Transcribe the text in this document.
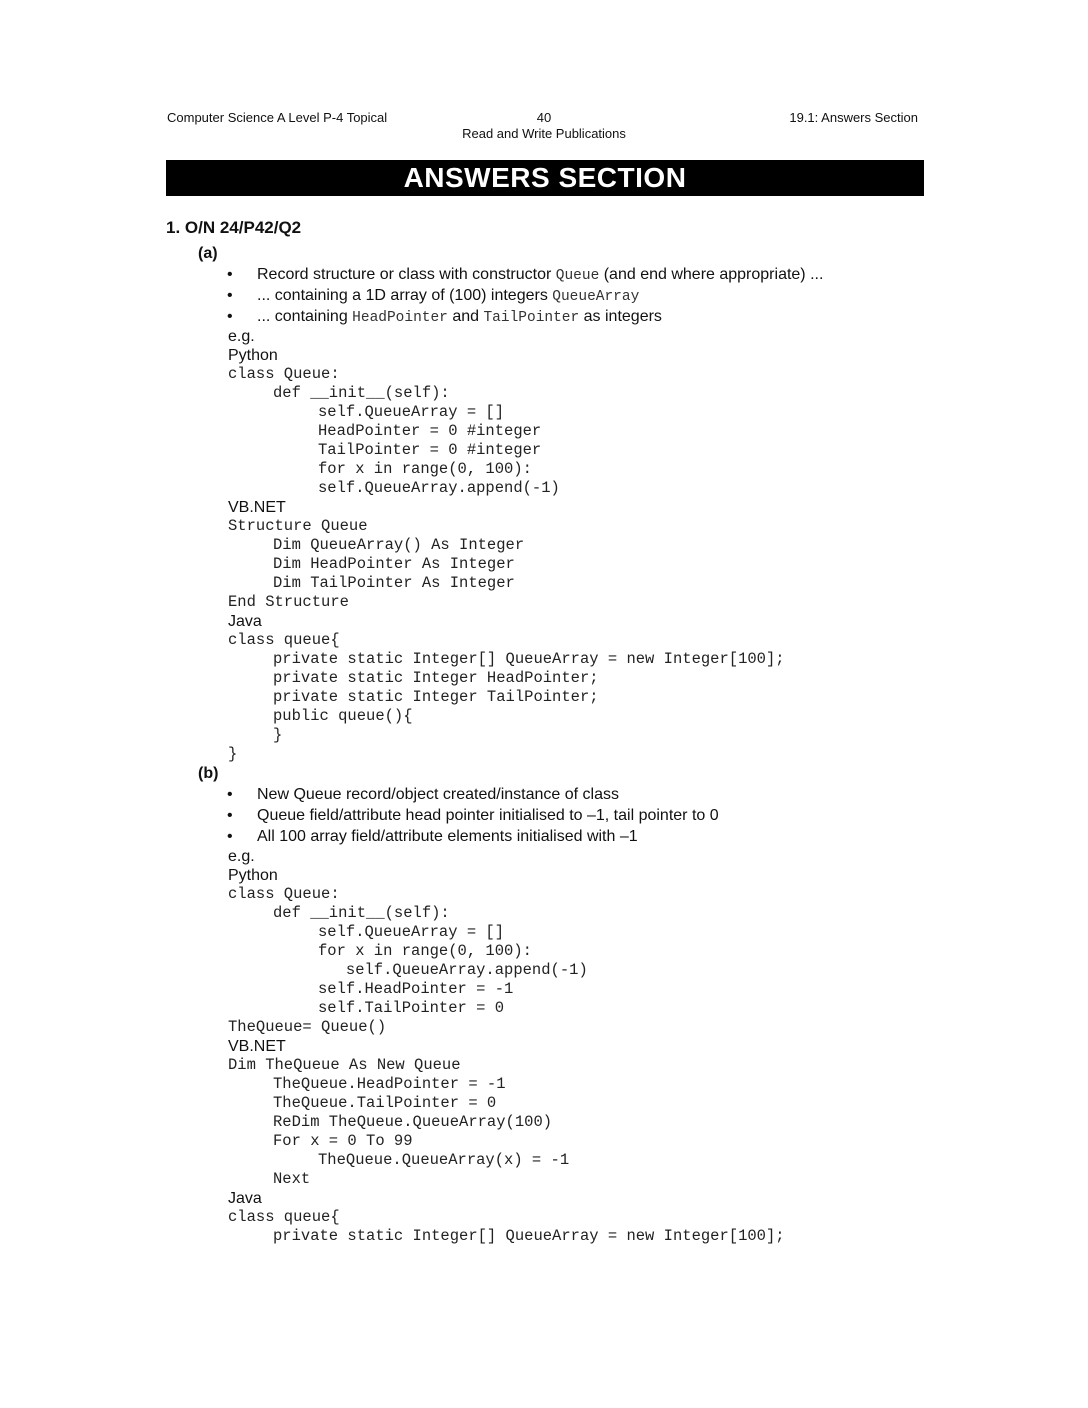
Computer Science A Level P-4 Topical	40
Read and Write Publications
19.1: Answers Section
ANSWERS SECTION
1. O/N 24/P42/Q2
(a)
• Record structure or class with constructor Queue (and end where appropriate) ...
• ... containing a 1D array of (100) integers QueueArray
• ... containing HeadPointer and TailPointer as integers
e.g.
Python
class Queue:
def __init__(self):
self.QueueArray = []
HeadPointer = 0 #integer
TailPointer = 0 #integer
for x in range(0, 100):
self.QueueArray.append(-1)
VB.NET
Structure Queue
Dim QueueArray() As Integer
Dim HeadPointer As Integer
Dim TailPointer As Integer
End Structure
Java
class queue{
private static Integer[] QueueArray = new Integer[100];
private static Integer HeadPointer;
private static Integer TailPointer;
public queue(){
}
}
(b)
• New Queue record/object created/instance of class
• Queue field/attribute head pointer initialised to –1, tail pointer to 0
• All 100 array field/attribute elements initialised with –1
e.g.
Python
class Queue:
def __init__(self):
self.QueueArray = []
for x in range(0, 100):
self.QueueArray.append(-1)
self.HeadPointer = -1
self.TailPointer = 0
TheQueue= Queue()
VB.NET
Dim TheQueue As New Queue
TheQueue.HeadPointer = -1
TheQueue.TailPointer = 0
ReDim TheQueue.QueueArray(100)
For x = 0 To 99
TheQueue.QueueArray(x) = -1
Next
Java
class queue{
private static Integer[] QueueArray = new Integer[100];
